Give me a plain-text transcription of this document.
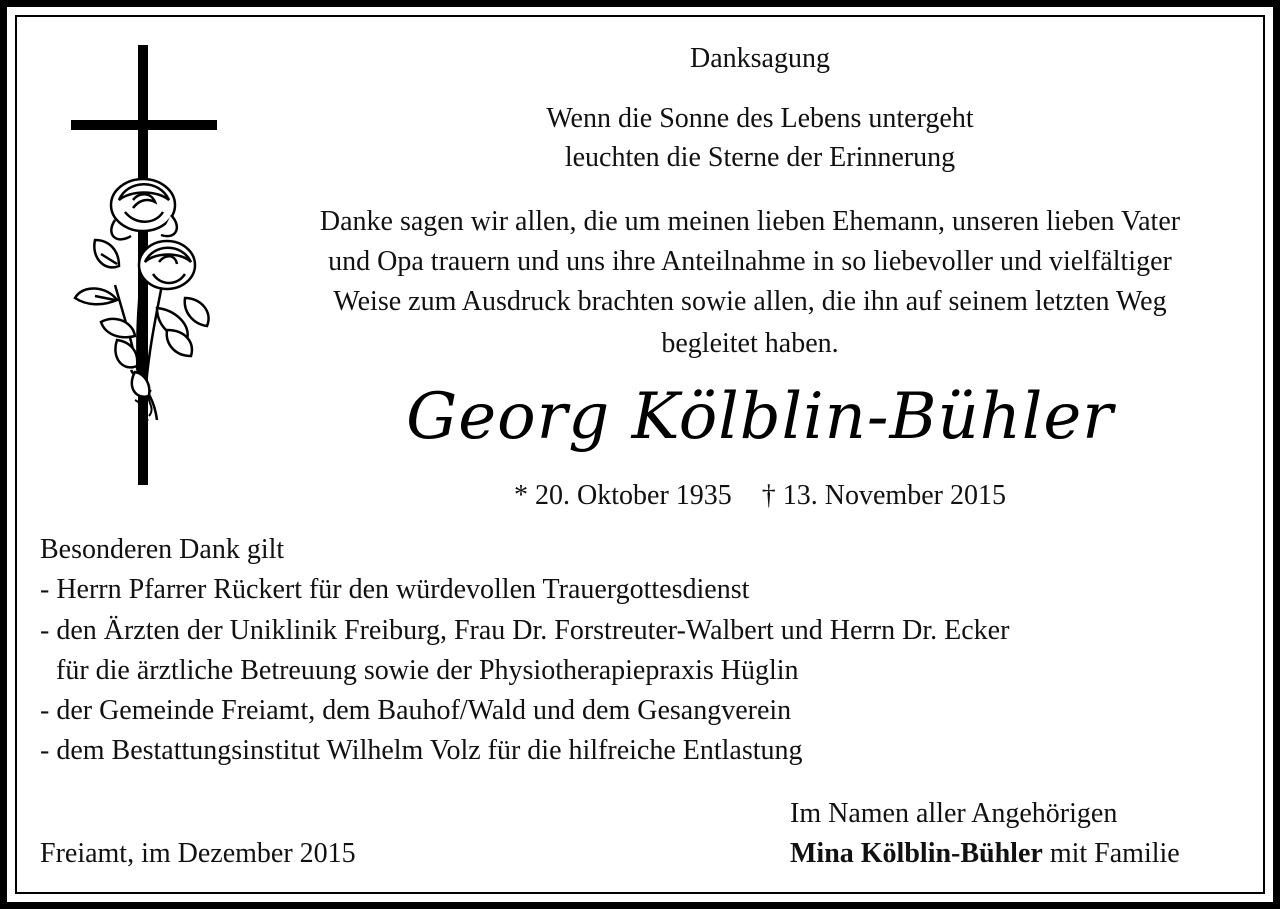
Danksagung
Wenn die Sonne des Lebens untergeht
leuchten die Sterne der Erinnerung
Danke sagen wir allen, die um meinen lieben Ehemann, unseren lieben Vater
und Opa trauern und uns ihre Anteilnahme in so liebevoller und vielfältiger
Weise zum Ausdruck brachten sowie allen, die ihn auf seinem letzten Weg
begleitet haben.
Georg Kölblin-Bühler
* 20. Oktober 1935 † 13. November 2015
Besonderen Dank gilt
- Herrn Pfarrer Rückert für den würdevollen Trauergottesdienst
- den Ärzten der Uniklinik Freiburg, Frau Dr. Forstreuter-Walbert und Herrn Dr. Ecker
für die ärztliche Betreuung sowie der Physiotherapiepraxis Hüglin
- der Gemeinde Freiamt, dem Bauhof/Wald und dem Gesangverein
- dem Bestattungsinstitut Wilhelm Volz für die hilfreiche Entlastung
Freiamt, im Dezember 2015
Im Namen aller Angehörigen
Mina Kölblin-Bühler mit Familie
